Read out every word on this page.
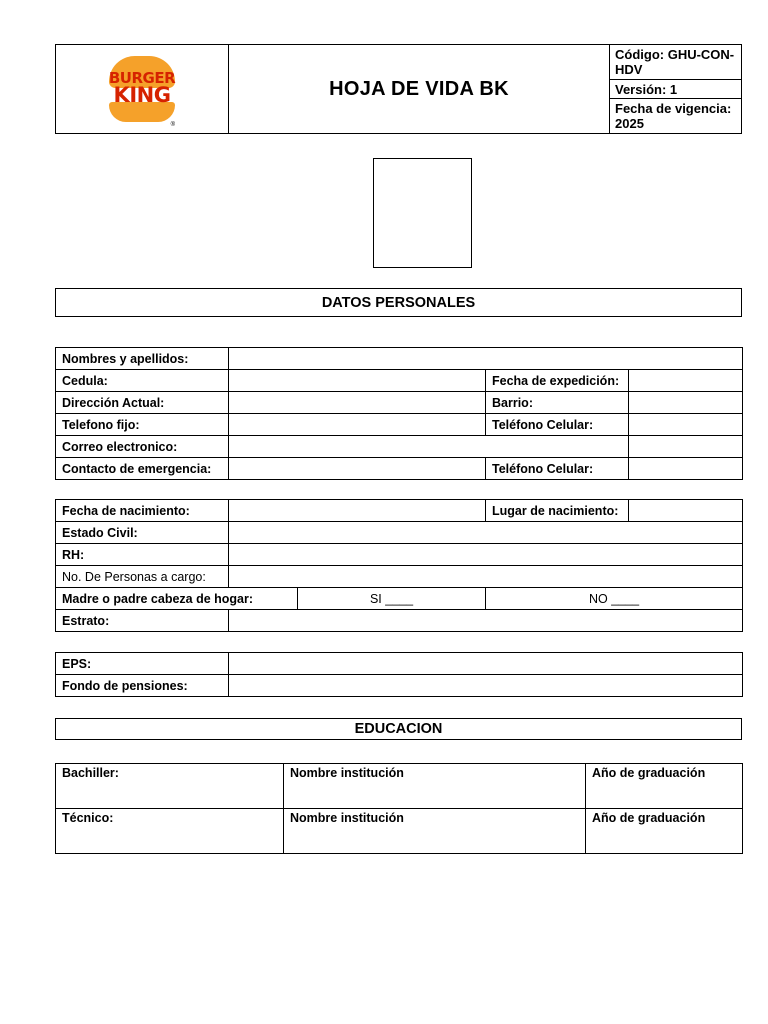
BURGER
KING
®
	HOJA DE VIDA BK	Código: GHU-CON-HDV
Versión: 1
Fecha de vigencia: 2025
DATOS PERSONALES
Nombres y apellidos:			
Cedula:		Fecha de expedición:	
Dirección Actual:		Barrio:	
Telefono fijo:		Teléfono Celular:	
Correo electronico:			
Contacto de emergencia:		Teléfono Celular:	
Fecha de nacimiento:			Lugar de nacimiento:	
Estado Civil:				
RH:				
No. De Personas a cargo:				
Madre o padre cabeza de hogar:		SI ____	NO ____	
Estrato:				
EPS:	
Fondo de pensiones:	
EDUCACION
Bachiller:	Nombre institución	Año de graduación
Técnico:	Nombre institución	Año de graduación
